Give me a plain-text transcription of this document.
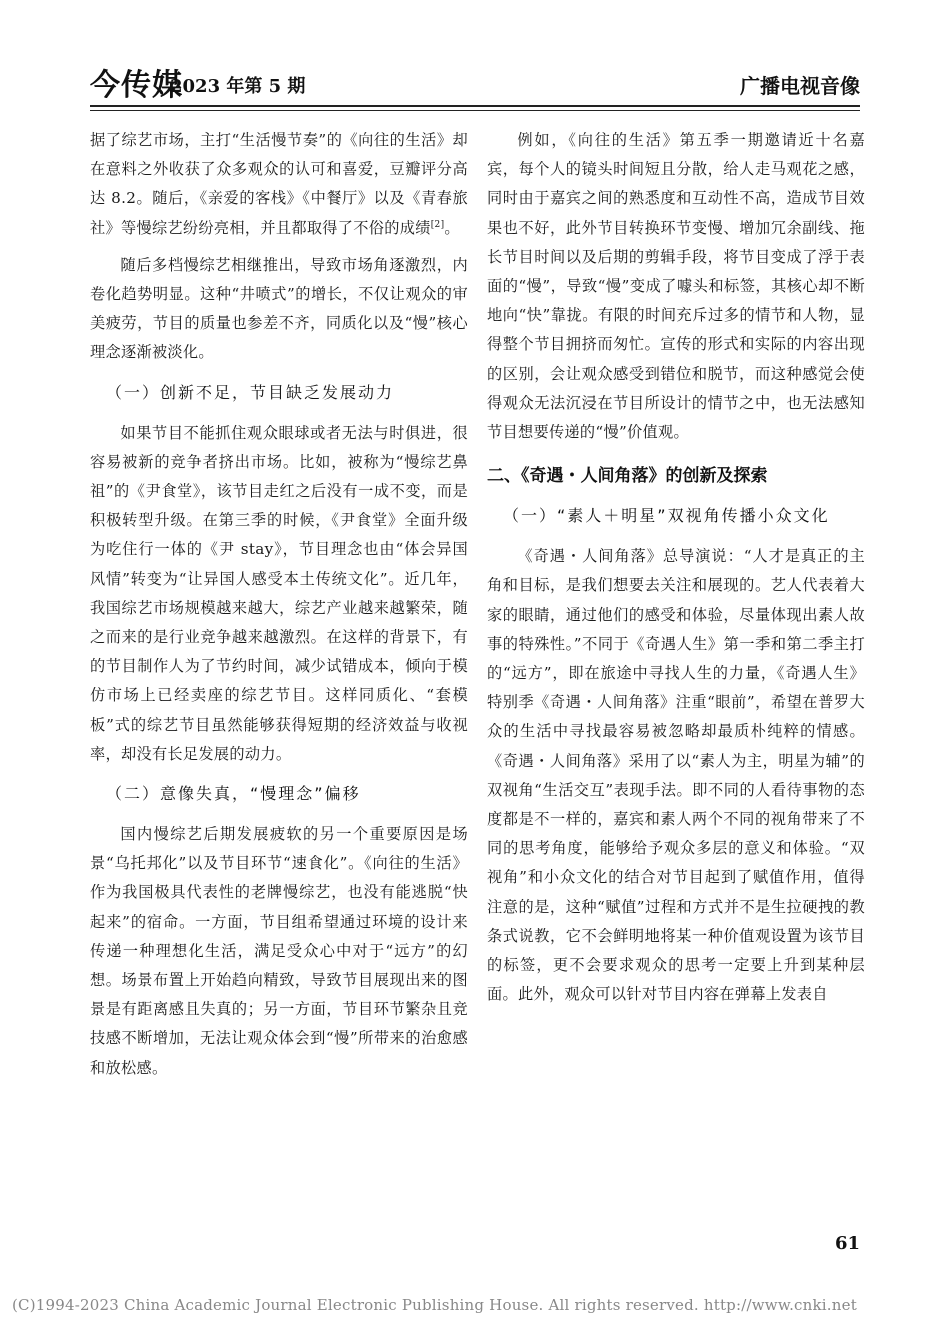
今传媒
2023 年第 5 期	广播电视音像

据了综艺市场，主打“生活慢节奏”的《向往的生活》却在意料之外收获了众多观众的认可和喜爱，豆瓣评分高达 8.2。随后，《亲爱的客栈》《中餐厅》以及《青春旅社》等慢综艺纷纷亮相，并且都取得了不俗的成绩[2]。

随后多档慢综艺相继推出，导致市场角逐激烈，内卷化趋势明显。这种“井喷式”的增长，不仅让观众的审美疲劳，节目的质量也参差不齐，同质化以及“慢”核心理念逐渐被淡化。

（一）创新不足，节目缺乏发展动力

如果节目不能抓住观众眼球或者无法与时俱进，很容易被新的竞争者挤出市场。比如，被称为“慢综艺鼻祖”的《尹食堂》，该节目走红之后没有一成不变，而是积极转型升级。在第三季的时候，《尹食堂》全面升级为吃住行一体的《尹 stay》，节目理念也由“体会异国风情”转变为“让异国人感受本土传统文化”。近几年，我国综艺市场规模越来越大，综艺产业越来越繁荣，随之而来的是行业竞争越来越激烈。在这样的背景下，有的节目制作人为了节约时间，减少试错成本，倾向于模仿市场上已经卖座的综艺节目。这样同质化、“套模板”式的综艺节目虽然能够获得短期的经济效益与收视率，却没有长足发展的动力。

（二）意像失真，“慢理念”偏移

国内慢综艺后期发展疲软的另一个重要原因是场景“乌托邦化”以及节目环节“速食化”。《向往的生活》作为我国极具代表性的老牌慢综艺，也没有能逃脱“快起来”的宿命。一方面，节目组希望通过环境的设计来传递一种理想化生活，满足受众心中对于“远方”的幻想。场景布置上开始趋向精致，导致节目展现出来的图景是有距离感且失真的；另一方面，节目环节繁杂且竞技感不断增加，无法让观众体会到“慢”所带来的治愈感和放松感。

例如，《向往的生活》第五季一期邀请近十名嘉宾，每个人的镜头时间短且分散，给人走马观花之感，同时由于嘉宾之间的熟悉度和互动性不高，造成节目效果也不好，此外节目转换环节变慢、增加冗余副线、拖长节目时间以及后期的剪辑手段，将节目变成了浮于表面的“慢”，导致“慢”变成了噱头和标签，其核心却不断地向“快”靠拢。有限的时间充斥过多的情节和人物，显得整个节目拥挤而匆忙。宣传的形式和实际的内容出现的区别，会让观众感受到错位和脱节，而这种感觉会使得观众无法沉浸在节目所设计的情节之中，也无法感知节目想要传递的“慢”价值观。

二、《奇遇・人间角落》的创新及探索
（一）“素人＋明星”双视角传播小众文化

《奇遇・人间角落》总导演说：“人才是真正的主角和目标，是我们想要去关注和展现的。艺人代表着大家的眼睛，通过他们的感受和体验，尽量体现出素人故事的特殊性。”不同于《奇遇人生》第一季和第二季主打的“远方”，即在旅途中寻找人生的力量，《奇遇人生》特别季《奇遇・人间角落》注重“眼前”，希望在普罗大众的生活中寻找最容易被忽略却最质朴纯粹的情感。《奇遇・人间角落》采用了以“素人为主，明星为辅”的双视角“生活交互”表现手法。即不同的人看待事物的态度都是不一样的，嘉宾和素人两个不同的视角带来了不同的思考角度，能够给予观众多层的意义和体验。“双视角”和小众文化的结合对节目起到了赋值作用，值得注意的是，这种“赋值”过程和方式并不是生拉硬拽的教条式说教，它不会鲜明地将某一种价值观设置为该节目的标签，更不会要求观众的思考一定要上升到某种层面。此外，观众可以针对节目内容在弹幕上发表自

61
(C)1994-2023 China Academic Journal Electronic Publishing House. All rights reserved. http://www.cnki.net
